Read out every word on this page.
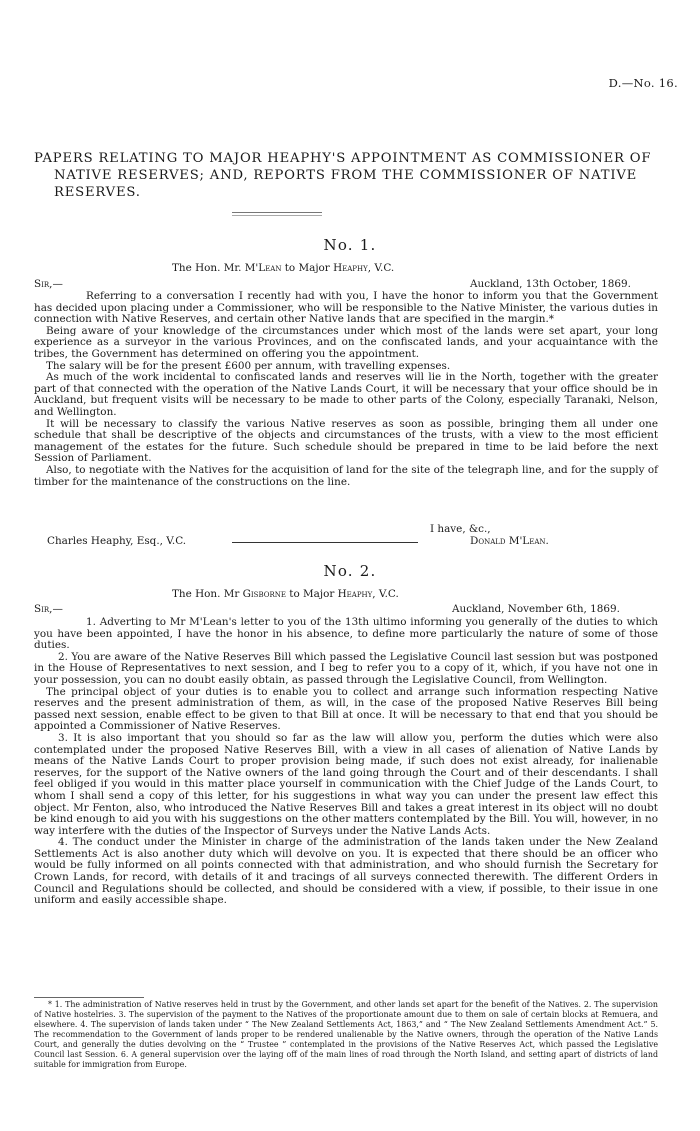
D.—No. 16.
PAPERS RELATING TO MAJOR HEAPHY'S APPOINTMENT AS COMMISSIONER OF
NATIVE RESERVES; AND, REPORTS FROM THE COMMISSIONER OF NATIVE
RESERVES.
No. 1.
The Hon. Mr. M'Lean to Major Heaphy, V.C.
Sir,—	Auckland, 13th October, 1869.

Referring to a conversation I recently had with you, I have the honor to inform you that the Government has decided upon placing under a Commissioner, who will be responsible to the Native Minister, the various duties in connection with Native Reserves, and certain other Native lands that are specified in the margin.*

Being aware of your knowledge of the circumstances under which most of the lands were set apart, your long experience as a surveyor in the various Provinces, and on the confiscated lands, and your acquaintance with the tribes, the Government has determined on offering you the appointment.

The salary will be for the present £600 per annum, with travelling expenses.

As much of the work incidental to confiscated lands and reserves will lie in the North, together with the greater part of that connected with the operation of the Native Lands Court, it will be necessary that your office should be in Auckland, but frequent visits will be necessary to be made to other parts of the Colony, especially Taranaki, Nelson, and Wellington.

It will be necessary to classify the various Native reserves as soon as possible, bringing them all under one schedule that shall be descriptive of the objects and circumstances of the trusts, with a view to the most efficient management of the estates for the future. Such schedule should be prepared in time to be laid before the next Session of Parliament.

Also, to negotiate with the Natives for the acquisition of land for the site of the telegraph line, and for the supply of timber for the maintenance of the constructions on the line.

I have, &c.,
Charles Heaphy, Esq., V.C.	Donald M'Lean.
No. 2.
The Hon. Mr Gisborne to Major Heaphy, V.C.
Sir,—	Auckland, November 6th, 1869.

1. Adverting to Mr M'Lean's letter to you of the 13th ultimo informing you generally of the duties to which you have been appointed, I have the honor in his absence, to define more particularly the nature of some of those duties.

2. You are aware of the Native Reserves Bill which passed the Legislative Council last session but was postponed in the House of Representatives to next session, and I beg to refer you to a copy of it, which, if you have not one in your possession, you can no doubt easily obtain, as passed through the Legislative Council, from Wellington.

The principal object of your duties is to enable you to collect and arrange such information respecting Native reserves and the present administration of them, as will, in the case of the proposed Native Reserves Bill being passed next session, enable effect to be given to that Bill at once. It will be necessary to that end that you should be appointed a Commissioner of Native Reserves.

3. It is also important that you should so far as the law will allow you, perform the duties which were also contemplated under the proposed Native Reserves Bill, with a view in all cases of alienation of Native Lands by means of the Native Lands Court to proper provision being made, if such does not exist already, for inalienable reserves, for the support of the Native owners of the land going through the Court and of their descendants. I shall feel obliged if you would in this matter place yourself in communication with the Chief Judge of the Lands Court, to whom I shall send a copy of this letter, for his suggestions in what way you can under the present law effect this object. Mr Fenton, also, who introduced the Native Reserves Bill and takes a great interest in its object will no doubt be kind enough to aid you with his suggestions on the other matters contemplated by the Bill. You will, however, in no way interfere with the duties of the Inspector of Surveys under the Native Lands Acts.

4. The conduct under the Minister in charge of the administration of the lands taken under the New Zealand Settlements Act is also another duty which will devolve on you. It is expected that there should be an officer who would be fully informed on all points connected with that administration, and who should furnish the Secretary for Crown Lands, for record, with details of it and tracings of all surveys connected therewith. The different Orders in Council and Regulations should be collected, and should be considered with a view, if possible, to their issue in one uniform and easily accessible shape.

* 1. The administration of Native reserves held in trust by the Government, and other lands set apart for the benefit of the Natives. 2. The supervision of Native hostelries. 3. The supervision of the payment to the Natives of the proportionate amount due to them on sale of certain blocks at Remuera, and elsewhere. 4. The supervision of lands taken under “ The New Zealand Settlements Act, 1863,” and “ The New Zealand Settlements Amendment Act.” 5. The recommendation to the Government of lands proper to be rendered unalienable by the Native owners, through the operation of the Native Lands Court, and generally the duties devolving on the “ Trustee ” contemplated in the provisions of the Native Reserves Act, which passed the Legislative Council last Session. 6. A general supervision over the laying off of the main lines of road through the North Island, and setting apart of districts of land suitable for immigration from Europe.
